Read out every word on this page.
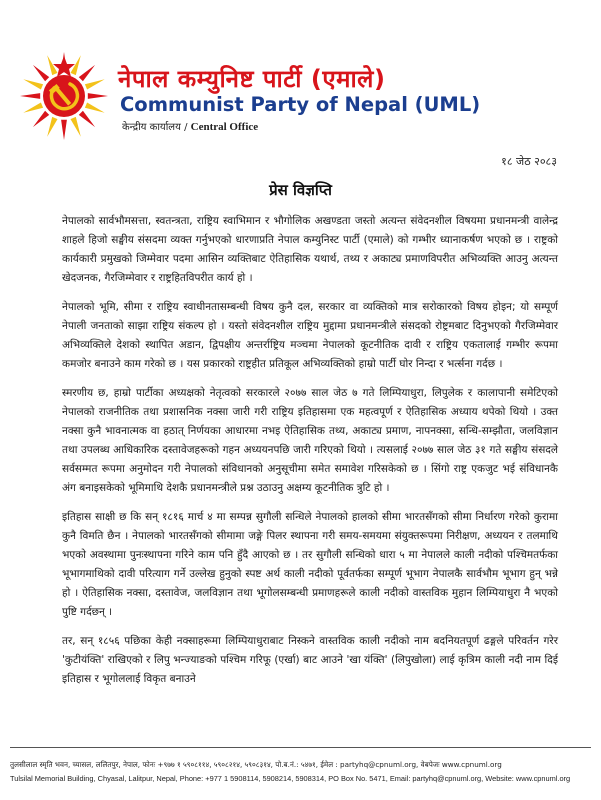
नेपाल कम्युनिष्ट पार्टी (एमाले)
Communist Party of Nepal (UML)
केन्द्रीय कार्यालय / Central Office
१८ जेठ २०८३
प्रेस विज्ञप्ति

नेपालको सार्वभौमसत्ता, स्वतन्त्रता, राष्ट्रिय स्वाभिमान र भौगोलिक अखण्डता जस्तो अत्यन्त संवेदनशील विषयमा प्रधानमन्त्री वालेन्द्र शाहले हिजो सङ्घीय संसदमा व्यक्त गर्नुभएको धारणाप्रति नेपाल कम्युनिस्ट पार्टी (एमाले) को गम्भीर ध्यानाकर्षण भएको छ । राष्ट्रको कार्यकारी प्रमुखको जिम्मेवार पदमा आसिन व्यक्तिबाट ऐतिहासिक यथार्थ, तथ्य र अकाट्य प्रमाणविपरीत अभिव्यक्ति आउनु अत्यन्त खेदजनक, गैरजिम्मेवार र राष्ट्रहितविपरीत कार्य हो ।

नेपालको भूमि, सीमा र राष्ट्रिय स्वाधीनतासम्बन्धी विषय कुनै दल, सरकार वा व्यक्तिको मात्र सरोकारको विषय होइन; यो सम्पूर्ण नेपाली जनताको साझा राष्ट्रिय संकल्प हो । यस्तो संवेदनशील राष्ट्रिय मुद्दामा प्रधानमन्त्रीले संसदको रोष्ट्रमबाट दिनुभएको गैरजिम्मेवार अभिव्यक्तिले देशको स्थापित अडान, द्विपक्षीय अन्तर्राष्ट्रिय मञ्चमा नेपालको कूटनीतिक दावी र राष्ट्रिय एकतालाई गम्भीर रूपमा कमजोर बनाउने काम गरेको छ । यस प्रकारको राष्ट्रहीत प्रतिकूल अभिव्यक्तिको हाम्रो पार्टी घोर निन्दा र भर्त्सना गर्दछ ।

स्मरणीय छ, हाम्रो पार्टीका अध्यक्षको नेतृत्वको सरकारले २०७७ साल जेठ ७ गते लिम्पियाधुरा, लिपुलेक र कालापानी समेटिएको नेपालको राजनीतिक तथा प्रशासनिक नक्सा जारी गरी राष्ट्रिय इतिहासमा एक महत्वपूर्ण र ऐतिहासिक अध्याय थपेको थियो । उक्त नक्सा कुनै भावनात्मक वा हठात् निर्णयका आधारमा नभइ ऐतिहासिक तथ्य, अकाट्य प्रमाण, नापनक्सा, सन्धि-सम्झौता, जलविज्ञान तथा उपलब्ध आधिकारिक दस्तावेजहरूको गहन अध्ययनपछि जारी गरिएको थियो । त्यसलाई २०७७ साल जेठ ३१ गते सङ्घीय संसदले सर्वसम्मत रूपमा अनुमोदन गरी नेपालको संविधानको अनुसूचीमा समेत समावेश गरिसकेको छ । सिंगो राष्ट्र एकजुट भई संविधानकै अंग बनाइसकेको भूमिमाथि देशकै प्रधानमन्त्रीले प्रश्न उठाउनु अक्षम्य कूटनीतिक त्रुटि हो ।

इतिहास साक्षी छ कि सन् १८१६ मार्च ४ मा सम्पन्न सुगौली सन्धिले नेपालको हालको सीमा भारतसँगको सीमा निर्धारण गरेको कुरामा कुनै विमति छैन । नेपालको भारतसँगको सीमामा जङ्गे पिलर स्थापना गरी समय-समयमा संयुक्तरूपमा निरीक्षण, अध्ययन र तलमाथि भएको अवस्थामा पुनःस्थापना गरिने काम पनि हुँदै आएको छ । तर सुगौली सन्धिको धारा ५ मा नेपालले काली नदीको पश्चिमतर्फका भूभागमाथिको दावी परित्याग गर्ने उल्लेख हुनुको स्पष्ट अर्थ काली नदीको पूर्वतर्फका सम्पूर्ण भूभाग नेपालकै सार्वभौम भूभाग हुन् भन्ने हो । ऐतिहासिक नक्सा, दस्तावेज, जलविज्ञान तथा भूगोलसम्बन्धी प्रमाणहरूले काली नदीको वास्तविक मुहान लिम्पियाधुरा नै भएको पुष्टि गर्दछन् ।

तर, सन् १८५६ पछिका केही नक्साहरूमा लिम्पियाधुराबाट निस्कने वास्तविक काली नदीको नाम बदनियतपूर्ण ढङ्गले परिवर्तन गरेर 'कुटीयंक्ति' राखिएको र लिपु भन्ज्याङको पश्चिम गरिफू (एर्खा) बाट आउने 'खा यंक्ति' (लिपुखोला) लाई कृत्रिम काली नदी नाम दिई इतिहास र भूगोललाई विकृत बनाउने

तुलसीलाल स्मृति भवन, च्यासल, ललितपुर, नेपाल, फोनः +९७७ १ ५९०८११४, ५९०८२१४, ५९०८३१४, पो.ब.नं.: ५४७१, ईमेल : partyhq@cpnuml.org, वेबपेजः www.cpnuml.org
Tulsilal Memorial Building, Chyasal, Lalitpur, Nepal, Phone: +977 1 5908114, 5908214, 5908314, PO Box No. 5471, Email: partyhq@cpnuml.org, Website: www.cpnuml.org
